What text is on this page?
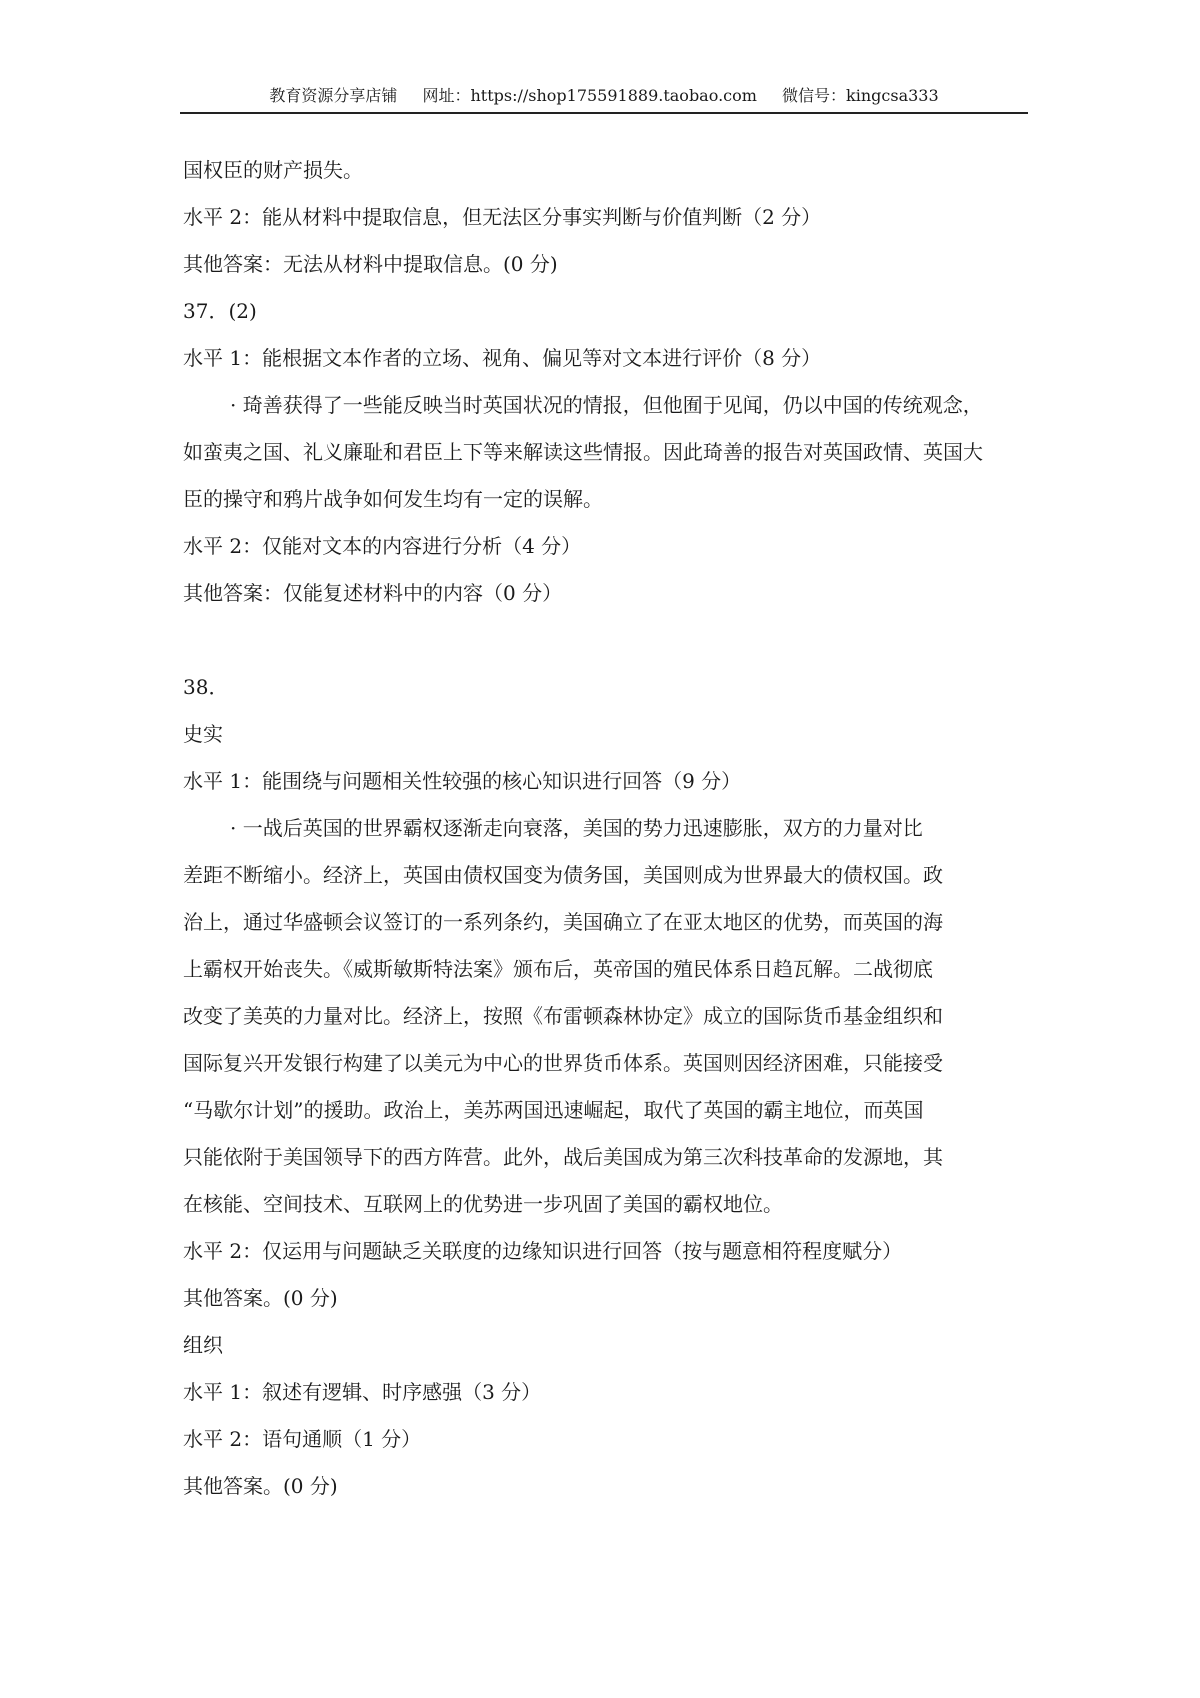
教育资源分享店铺 网址：https://shop175591889.taobao.com 微信号：kingcsa333
国权臣的财产损失。
水平 2：能从材料中提取信息，但无法区分事实判断与价值判断（2 分）
其他答案：无法从材料中提取信息。(0 分)
37．(2)
水平 1：能根据文本作者的立场、视角、偏见等对文本进行评价（8 分）
· 琦善获得了一些能反映当时英国状况的情报，但他囿于见闻，仍以中国的传统观念，
如蛮夷之国、礼义廉耻和君臣上下等来解读这些情报。因此琦善的报告对英国政情、英国大
臣的操守和鸦片战争如何发生均有一定的误解。
水平 2：仅能对文本的内容进行分析（4 分）
其他答案：仅能复述材料中的内容（0 分）
38．
史实
水平 1：能围绕与问题相关性较强的核心知识进行回答（9 分）
· 一战后英国的世界霸权逐渐走向衰落，美国的势力迅速膨胀，双方的力量对比
差距不断缩小。经济上，英国由债权国变为债务国，美国则成为世界最大的债权国。政
治上，通过华盛顿会议签订的一系列条约，美国确立了在亚太地区的优势，而英国的海
上霸权开始丧失。《威斯敏斯特法案》颁布后，英帝国的殖民体系日趋瓦解。二战彻底
改变了美英的力量对比。经济上，按照《布雷顿森林协定》成立的国际货币基金组织和
国际复兴开发银行构建了以美元为中心的世界货币体系。英国则因经济困难，只能接受
“马歇尔计划”的援助。政治上，美苏两国迅速崛起，取代了英国的霸主地位，而英国
只能依附于美国领导下的西方阵营。此外，战后美国成为第三次科技革命的发源地，其
在核能、空间技术、互联网上的优势进一步巩固了美国的霸权地位。
水平 2：仅运用与问题缺乏关联度的边缘知识进行回答（按与题意相符程度赋分）
其他答案。(0 分)
组织
水平 1：叙述有逻辑、时序感强（3 分）
水平 2：语句通顺（1 分）
其他答案。(0 分)
